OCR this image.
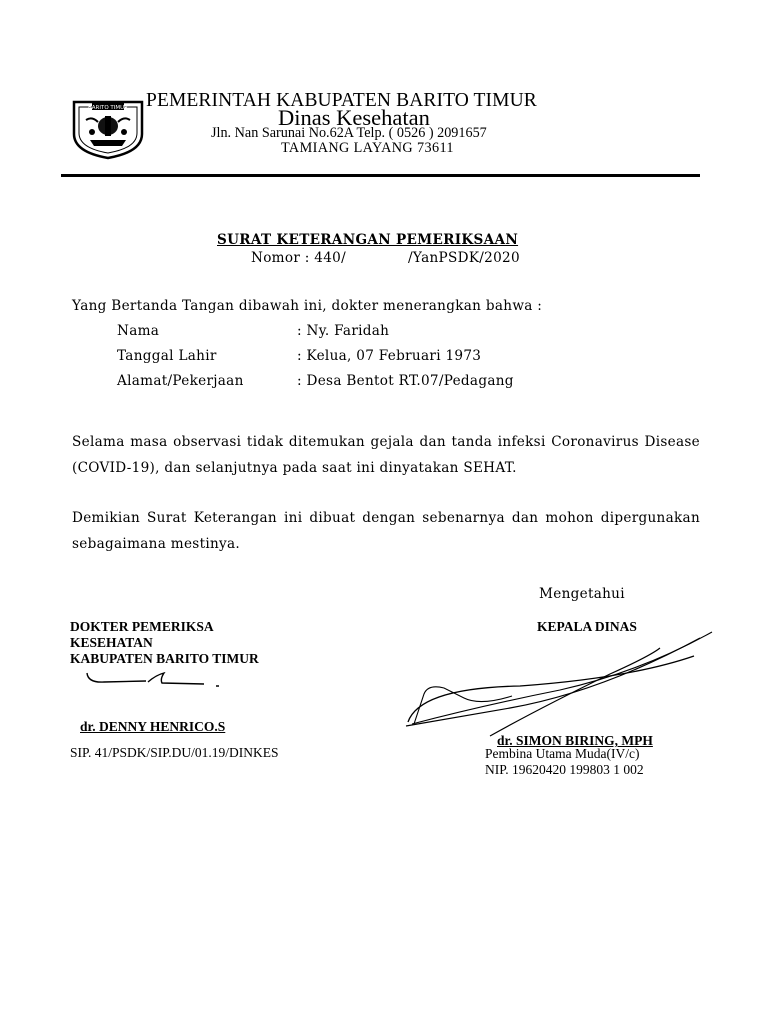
BARITO TIMUR PEMERINTAH KABUPATEN BARITO TIMUR
Dinas Kesehatan
Jln. Nan Sarunai No.62A Telp. ( 0526 ) 2091657
TAMIANG LAYANG 73611
SURAT KETERANGAN PEMERIKSAAN
Nomor : 440/	/YanPSDK/2020
Yang Bertanda Tangan dibawah ini, dokter menerangkan bahwa :
Nama	: Ny. Faridah
Tanggal Lahir	: Kelua, 07 Februari 1973
Alamat/Pekerjaan	: Desa Bentot RT.07/Pedagang
Selama masa observasi tidak ditemukan gejala dan tanda infeksi Coronavirus Disease (COVID-19), dan selanjutnya pada saat ini dinyatakan SEHAT.
Demikian Surat Keterangan ini dibuat dengan sebenarnya dan mohon dipergunakan sebagaimana mestinya.
Mengetahui
DOKTER PEMERIKSA
KESEHATAN
KABUPATEN BARITO TIMUR
KEPALA DINAS
dr. DENNY HENRICO.S
SIP. 41/PSDK/SIP.DU/01.19/DINKES
dr. SIMON BIRING, MPH
Pembina Utama Muda(IV/c)
NIP. 19620420 199803 1 002
